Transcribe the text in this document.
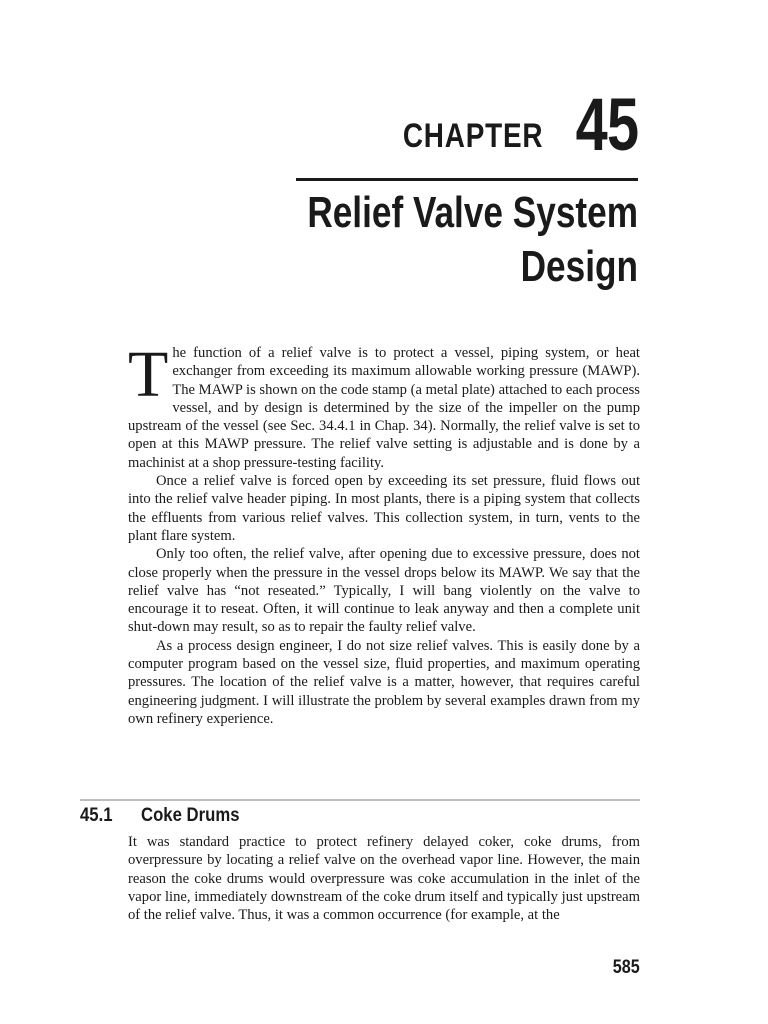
CHAPTER 45
Relief Valve System
Design

The function of a relief valve is to protect a vessel, piping system, or heat exchanger from exceeding its maximum allowable working pressure (MAWP). The MAWP is shown on the code stamp (a metal plate) attached to each process vessel, and by design is determined by the size of the impeller on the pump upstream of the vessel (see Sec. 34.4.1 in Chap. 34). Normally, the relief valve is set to open at this MAWP pressure. The relief valve setting is adjustable and is done by a machinist at a shop pressure-testing facility.

Once a relief valve is forced open by exceeding its set pressure, fluid flows out into the relief valve header piping. In most plants, there is a piping system that collects the effluents from various relief valves. This collection system, in turn, vents to the plant flare system.

Only too often, the relief valve, after opening due to excessive pressure, does not close properly when the pressure in the vessel drops below its MAWP. We say that the relief valve has “not reseated.” Typically, I will bang violently on the valve to encourage it to reseat. Often, it will continue to leak anyway and then a complete unit shut-down may result, so as to repair the faulty relief valve.

As a process design engineer, I do not size relief valves. This is easily done by a computer program based on the vessel size, fluid properties, and maximum operating pressures. The location of the relief valve is a matter, however, that requires careful engineering judgment. I will illustrate the problem by several examples drawn from my own refinery experience.

45.1 Coke Drums

It was standard practice to protect refinery delayed coker, coke drums, from overpressure by locating a relief valve on the overhead vapor line. However, the main reason the coke drums would overpressure was coke accumulation in the inlet of the vapor line, immediately downstream of the coke drum itself and typically just upstream of the relief valve. Thus, it was a common occurrence (for example, at the

585
